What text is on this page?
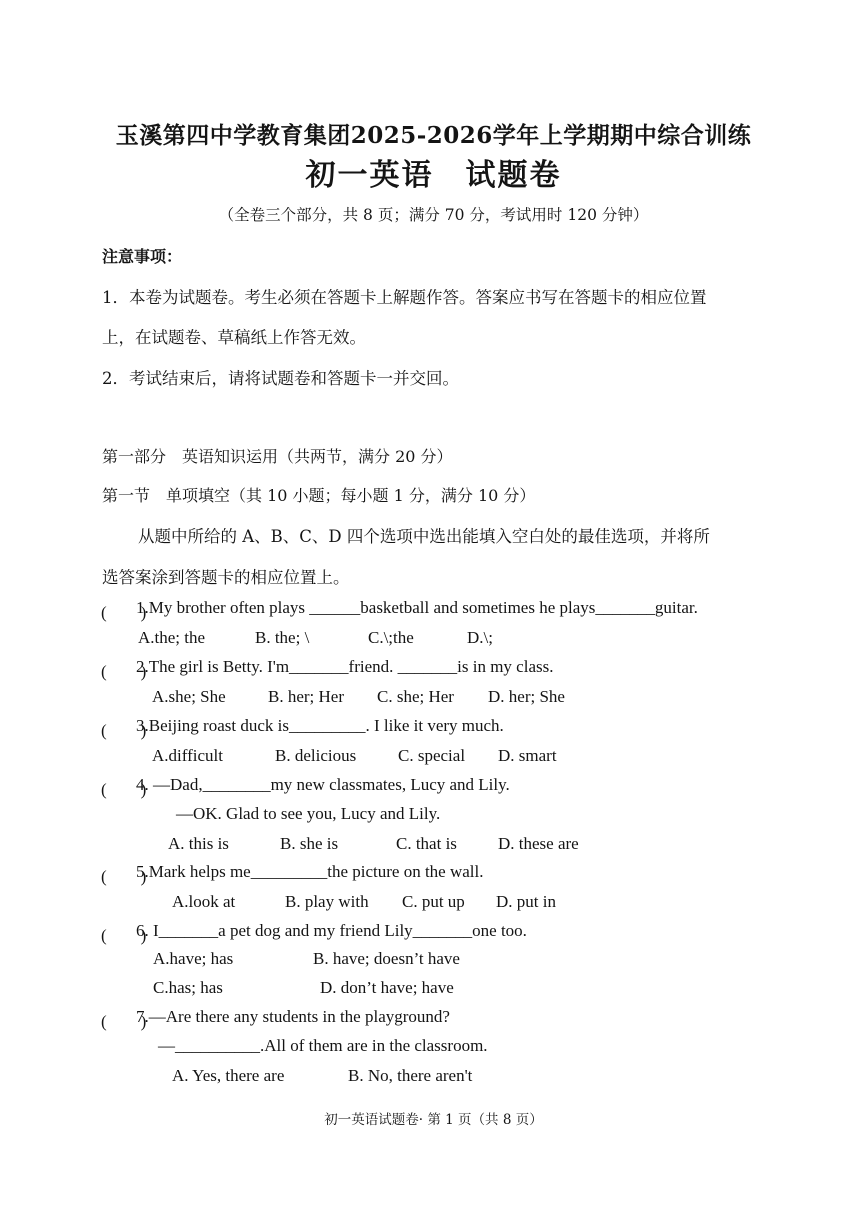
玉溪第四中学教育集团2025-2026学年上学期期中综合训练
初一英语　试题卷
（全卷三个部分，共 8 页；满分 70 分，考试用时 120 分钟）
注意事项：
1．本卷为试题卷。考生必须在答题卡上解题作答。答案应书写在答题卡的相应位置
上，在试题卷、草稿纸上作答无效。
2．考试结束后，请将试题卷和答题卡一并交回。
第一部分　英语知识运用（共两节，满分 20 分）
第一节　单项填空（其 10 小题；每小题 1 分，满分 10 分）
从题中所给的 A、B、C、D 四个选项中选出能填入空白处的最佳选项，并将所
选答案涂到答题卡的相应位置上。
(　　)
1.My brother often plays ______basketball and sometimes he plays_______guitar.
A.the; the	B. the; \	C.\;the	D.\;
(　　)
2.The girl is Betty. I'm_______friend. _______is in my class.
A.she; She B. her; Her C. she; Her D. her; She
(　　)
3.Beijing roast duck is_________. I like it very much.
A.difficult	B. delicious C. special D. smart
(　　)
4. —Dad,________my new classmates, Lucy and Lily.
—OK. Glad to see you, Lucy and Lily.
A. this is	B. she is	C. that is D. these are
(　　)
5.Mark helps me_________the picture on the wall.
A.look at	B. play with C. put up D. put in
(　　)
6. I_______a pet dog and my friend Lily_______one too.
A.have; has	B. have; doesn’t have
C.has; has	D. don’t have; have
(　　)
7.—Are there any students in the playground?
—__________.All of them are in the classroom.
A. Yes, there are	B. No, there aren't
初一英语试题卷· 第 1 页（共 8 页）
